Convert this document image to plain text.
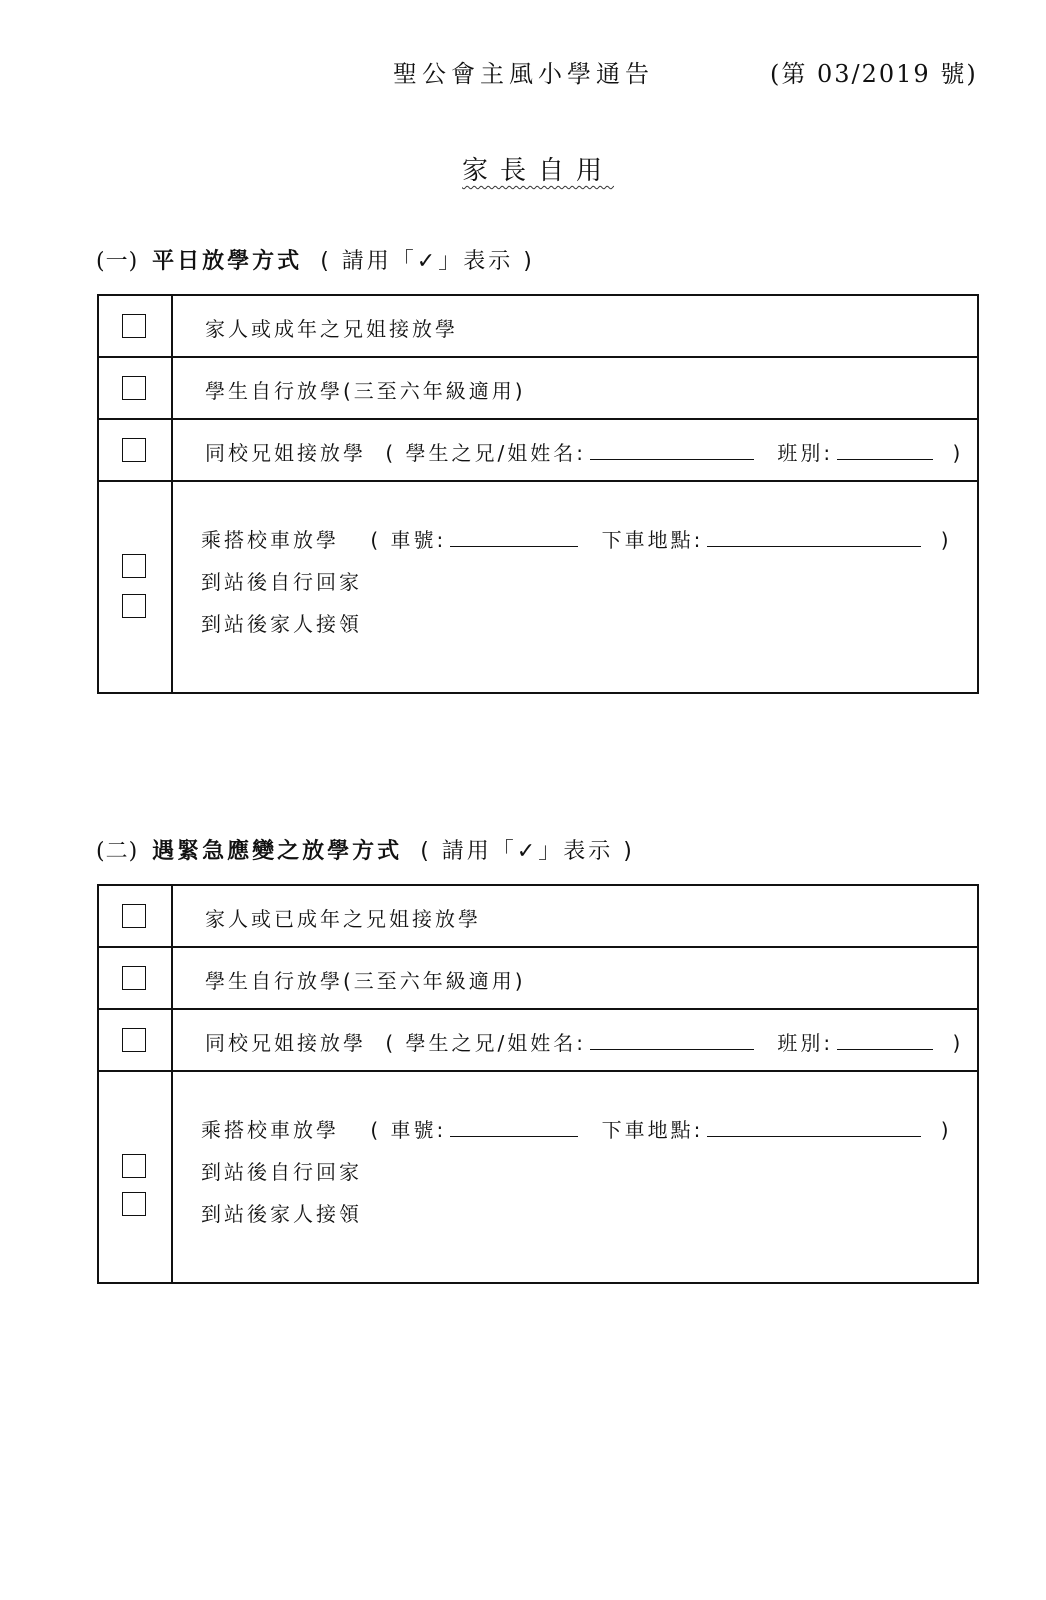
聖公會主風小學通告	(第 03/2019 號)
家長自用
(一) 平日放學方式 ( 請用「✓」表示 )
家人或成年之兄姐接放學
學生自行放學(三至六年級適用)
同校兄姐接放學 ( 學生之兄/姐姓名:	班別:	)
乘搭校車放學 ( 車號:	下車地點:	)
到站後自行回家
到站後家人接領
(二) 遇緊急應變之放學方式 ( 請用「✓」表示 )
家人或已成年之兄姐接放學
學生自行放學(三至六年級適用)
同校兄姐接放學 ( 學生之兄/姐姓名:	班別:	)
乘搭校車放學 ( 車號:	下車地點:	)
到站後自行回家
到站後家人接領
